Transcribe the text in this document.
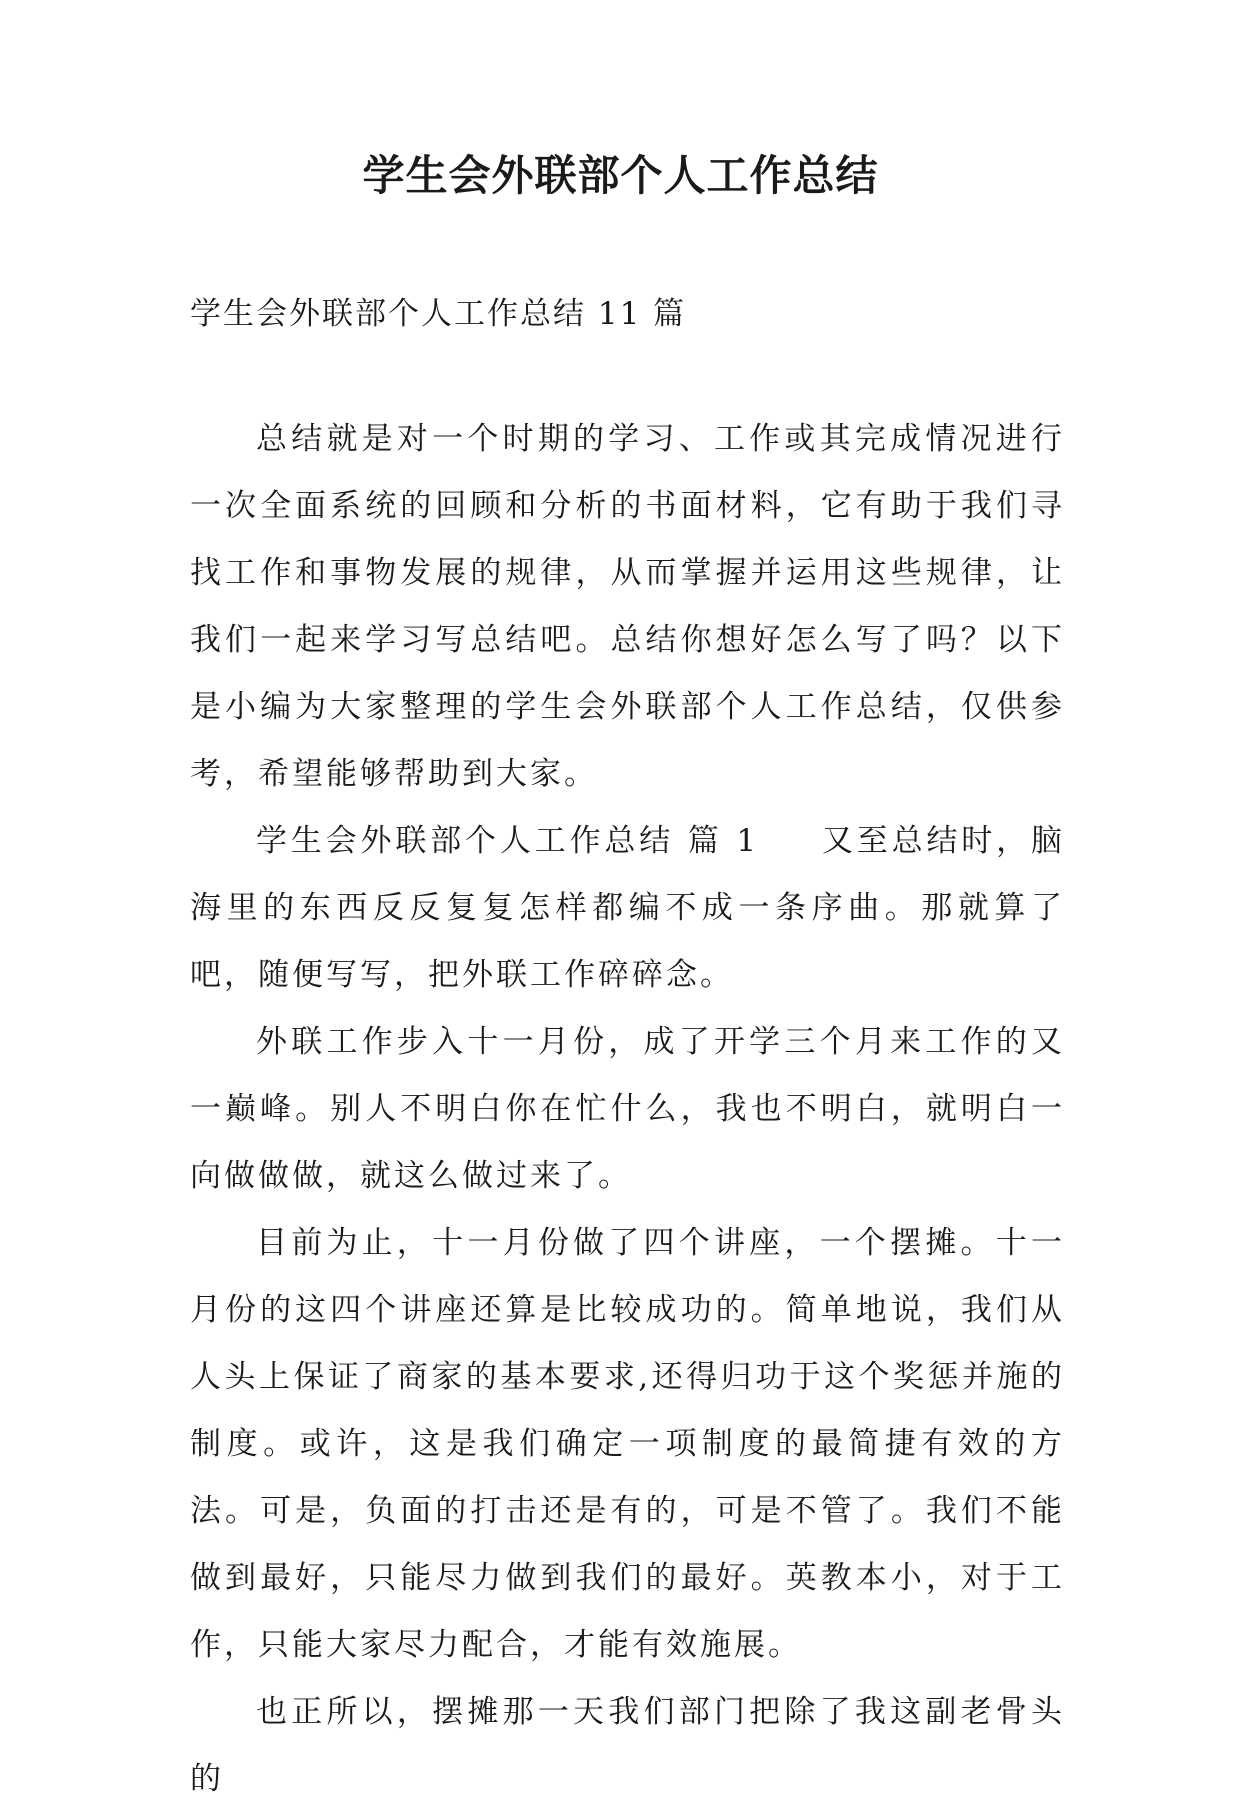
学生会外联部个人工作总结

学生会外联部个人工作总结 11 篇

总结就是对一个时期的学习、工作或其完成情况进行一次全面系统的回顾和分析的书面材料，它有助于我们寻找工作和事物发展的规律，从而掌握并运用这些规律，让我们一起来学习写总结吧。总结你想好怎么写了吗？以下是小编为大家整理的学生会外联部个人工作总结，仅供参考，希望能够帮助到大家。

学生会外联部个人工作总结 篇 1 又至总结时，脑海里的东西反反复复怎样都编不成一条序曲。那就算了吧，随便写写，把外联工作碎碎念。

外联工作步入十一月份，成了开学三个月来工作的又一巅峰。别人不明白你在忙什么，我也不明白，就明白一向做做做，就这么做过来了。

目前为止，十一月份做了四个讲座，一个摆摊。十一月份的这四个讲座还算是比较成功的。简单地说，我们从人头上保证了商家的基本要求,还得归功于这个奖惩并施的制度。或许，这是我们确定一项制度的最简捷有效的方法。可是，负面的打击还是有的，可是不管了。我们不能做到最好，只能尽力做到我们的最好。英教本小，对于工作，只能大家尽力配合，才能有效施展。

也正所以，摆摊那一天我们部门把除了我这副老骨头的
